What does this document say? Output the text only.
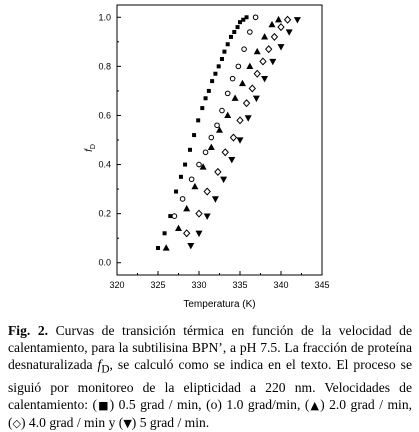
320	325	330	335	340	345
0.0
0.2
0.4
0.6
0.8
1.0
Temperatura (K)
$f_D$

Fig. 2. Curvas de transición térmica en función de la velocidad de calentamiento, para la subtilisina BPN’, a pH 7.5. La fracción de proteína desnaturalizada $f_D$, se calculó como se indica en el texto. El proceso se siguió por monitoreo de la elipticidad a 220 nm. Velocidades de calentamiento: (■) 0.5 grad / min, (o) 1.0 grad/min, (▲) 2.0 grad / min, (◇) 4.0 grad / min y (▼) 5 grad / min.
